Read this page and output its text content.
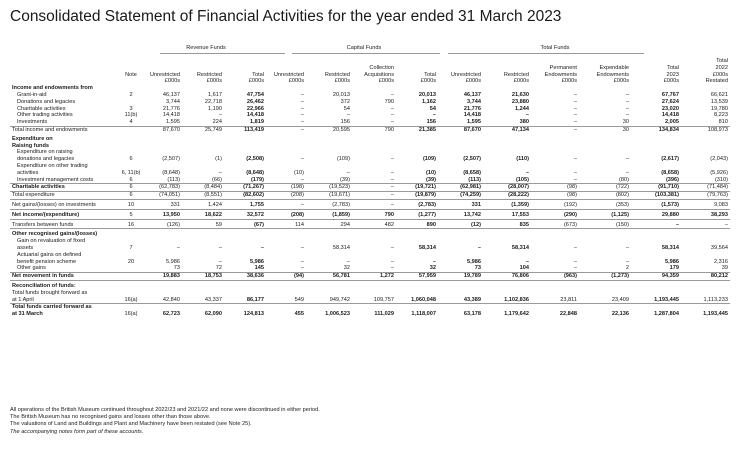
Consolidated Statement of Financial Activities for the year ended 31 March 2023
Revenue Funds	Capital Funds	Total Funds
														Total
							Collection				Permanent	Expendable	Total	2022
	Note	Unrestricted	Restricted	Total	Unrestricted	Restricted	Acquisitions	Total	Unrestricted	Restricted	Endowments	Endowments	2023	£000s
		£000s	£000s	£000s	£000s	£000s	£000s	£000s	£000s	£000s	£000s	£000s	£000s	Restated
Income and endowments from														
Grant-in-aid	2	46,137	1,617	47,754	–	20,013	–	20,013	46,137	21,630	–	–	67,767	66,621
Donations and legacies		3,744	22,718	26,462	–	372	790	1,162	3,744	23,880	–	–	27,624	13,539
Charitable activities	3	21,776	1,190	22,966	–	54	–	54	21,776	1,244	–	–	23,020	19,780
Other trading activities	11(b)	14,418	–	14,418	–	–	–	–	14,418	–	–	–	14,418	8,223
Investments	4	1,595	224	1,819	–	156	–	156	1,595	380	–	30	2,005	810
Total income and endowments		87,670	25,749	113,419	–	20,595	790	21,385	87,670	47,134	–	30	134,834	108,973

Expenditure on														
Raising funds														
Expenditure on raising														
donations and legacies	6	(2,507)	(1)	(2,508)	–	(109)	–	(109)	(2,507)	(110)	–	–	(2,617)	(2,043)
Expenditure on other trading														
activities	6, 11(b)	(8,648)	–	(8,648)	(10)	–	–	(10)	(8,658)	–	–	–	(8,658)	(5,926)
Investment management costs	6	(113)	(66)	(179)	–	(39)	–	(39)	(113)	(105)	–	(80)	(396)	(310)
Charitable activities	6	(62,783)	(8,484)	(71,267)	(198)	(19,523)	–	(19,721)	(62,981)	(28,007)	(98)	(722)	(91,710)	(71,484)
Total expenditure	6	(74,051)	(8,551)	(82,602)	(208)	(19,671)	–	(19,879)	(74,259)	(28,222)	(98)	(802)	(103,381)	(79,763)

Net gains/(losses) on investments	10	331	1,424	1,755	–	(2,783)	–	(2,783)	331	(1,359)	(192)	(353)	(1,573)	9,083

Net income/(expenditure)	5	13,950	18,622	32,572	(208)	(1,859)	790	(1,277)	13,742	17,553	(290)	(1,125)	29,880	38,293

Transfers between funds	16	(126)	59	(67)	114	294	482	890	(12)	835	(673)	(150)	–	–

Other recognised gains/(losses)														
Gain on revaluation of fixed														
assets	7	–	–	–	–	58,314	–	58,314	–	58,314	–	–	58,314	39,564
Actuarial gains on defined														
benefit pension scheme	20	5,986	–	5,986	–	–	–	–	5,986	–	–	–	5,986	2,316
Other gains		73	72	145	–	32	–	32	73	104	–	2	179	39
Net movement in funds		19,883	18,753	38,636	(94)	56,781	1,272	57,959	19,789	76,806	(963)	(1,273)	94,359	80,212

Reconciliation of funds:														
Total funds brought forward as														
at 1 April	16(a)	42,840	43,337	86,177	549	949,742	109,757	1,060,048	43,389	1,102,836	23,811	23,409	1,193,445	1,113,233
Total funds carried forward as														
at 31 March	16(a)	62,723	62,090	124,813	455	1,006,523	111,029	1,118,007	63,178	1,179,642	22,848	22,136	1,287,804	1,193,445

All operations of the British Museum continued throughout 2022/23 and 2021/22 and none were discontinued in either period.
The British Museum has no recognised gains and losses other than those above.
The valuations of Land and Buildings and Plant and Machinery have been restated (see Note 25).
The accompanying notes form part of these accounts.
